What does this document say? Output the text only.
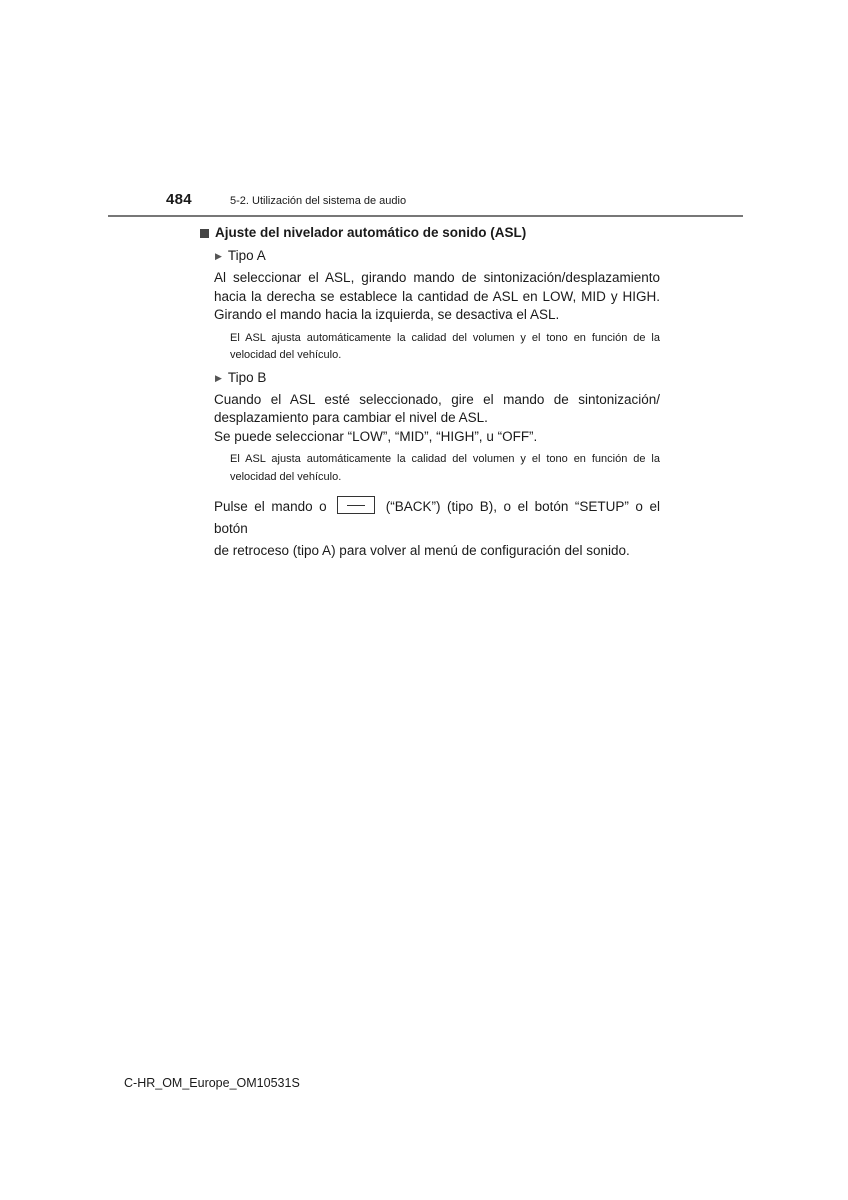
484	5-2. Utilización del sistema de audio
Ajuste del nivelador automático de sonido (ASL)
▶ Tipo A
Al seleccionar el ASL, girando mando de sintonización/desplazamiento
hacia la derecha se establece la cantidad de ASL en LOW, MID y HIGH.
Girando el mando hacia la izquierda, se desactiva el ASL.
El ASL ajusta automáticamente la calidad del volumen y el tono en función de la
velocidad del vehículo.
▶ Tipo B
Cuando el ASL esté seleccionado, gire el mando de sintonización/
desplazamiento para cambiar el nivel de ASL.
Se puede seleccionar “LOW”, “MID”, “HIGH”, u “OFF”.
El ASL ajusta automáticamente la calidad del volumen y el tono en función de la
velocidad del vehículo.
Pulse el mando o	(“BACK”) (tipo B), o el botón “SETUP” o el botón
de retroceso (tipo A) para volver al menú de configuración del sonido.
C-HR_OM_Europe_OM10531S
